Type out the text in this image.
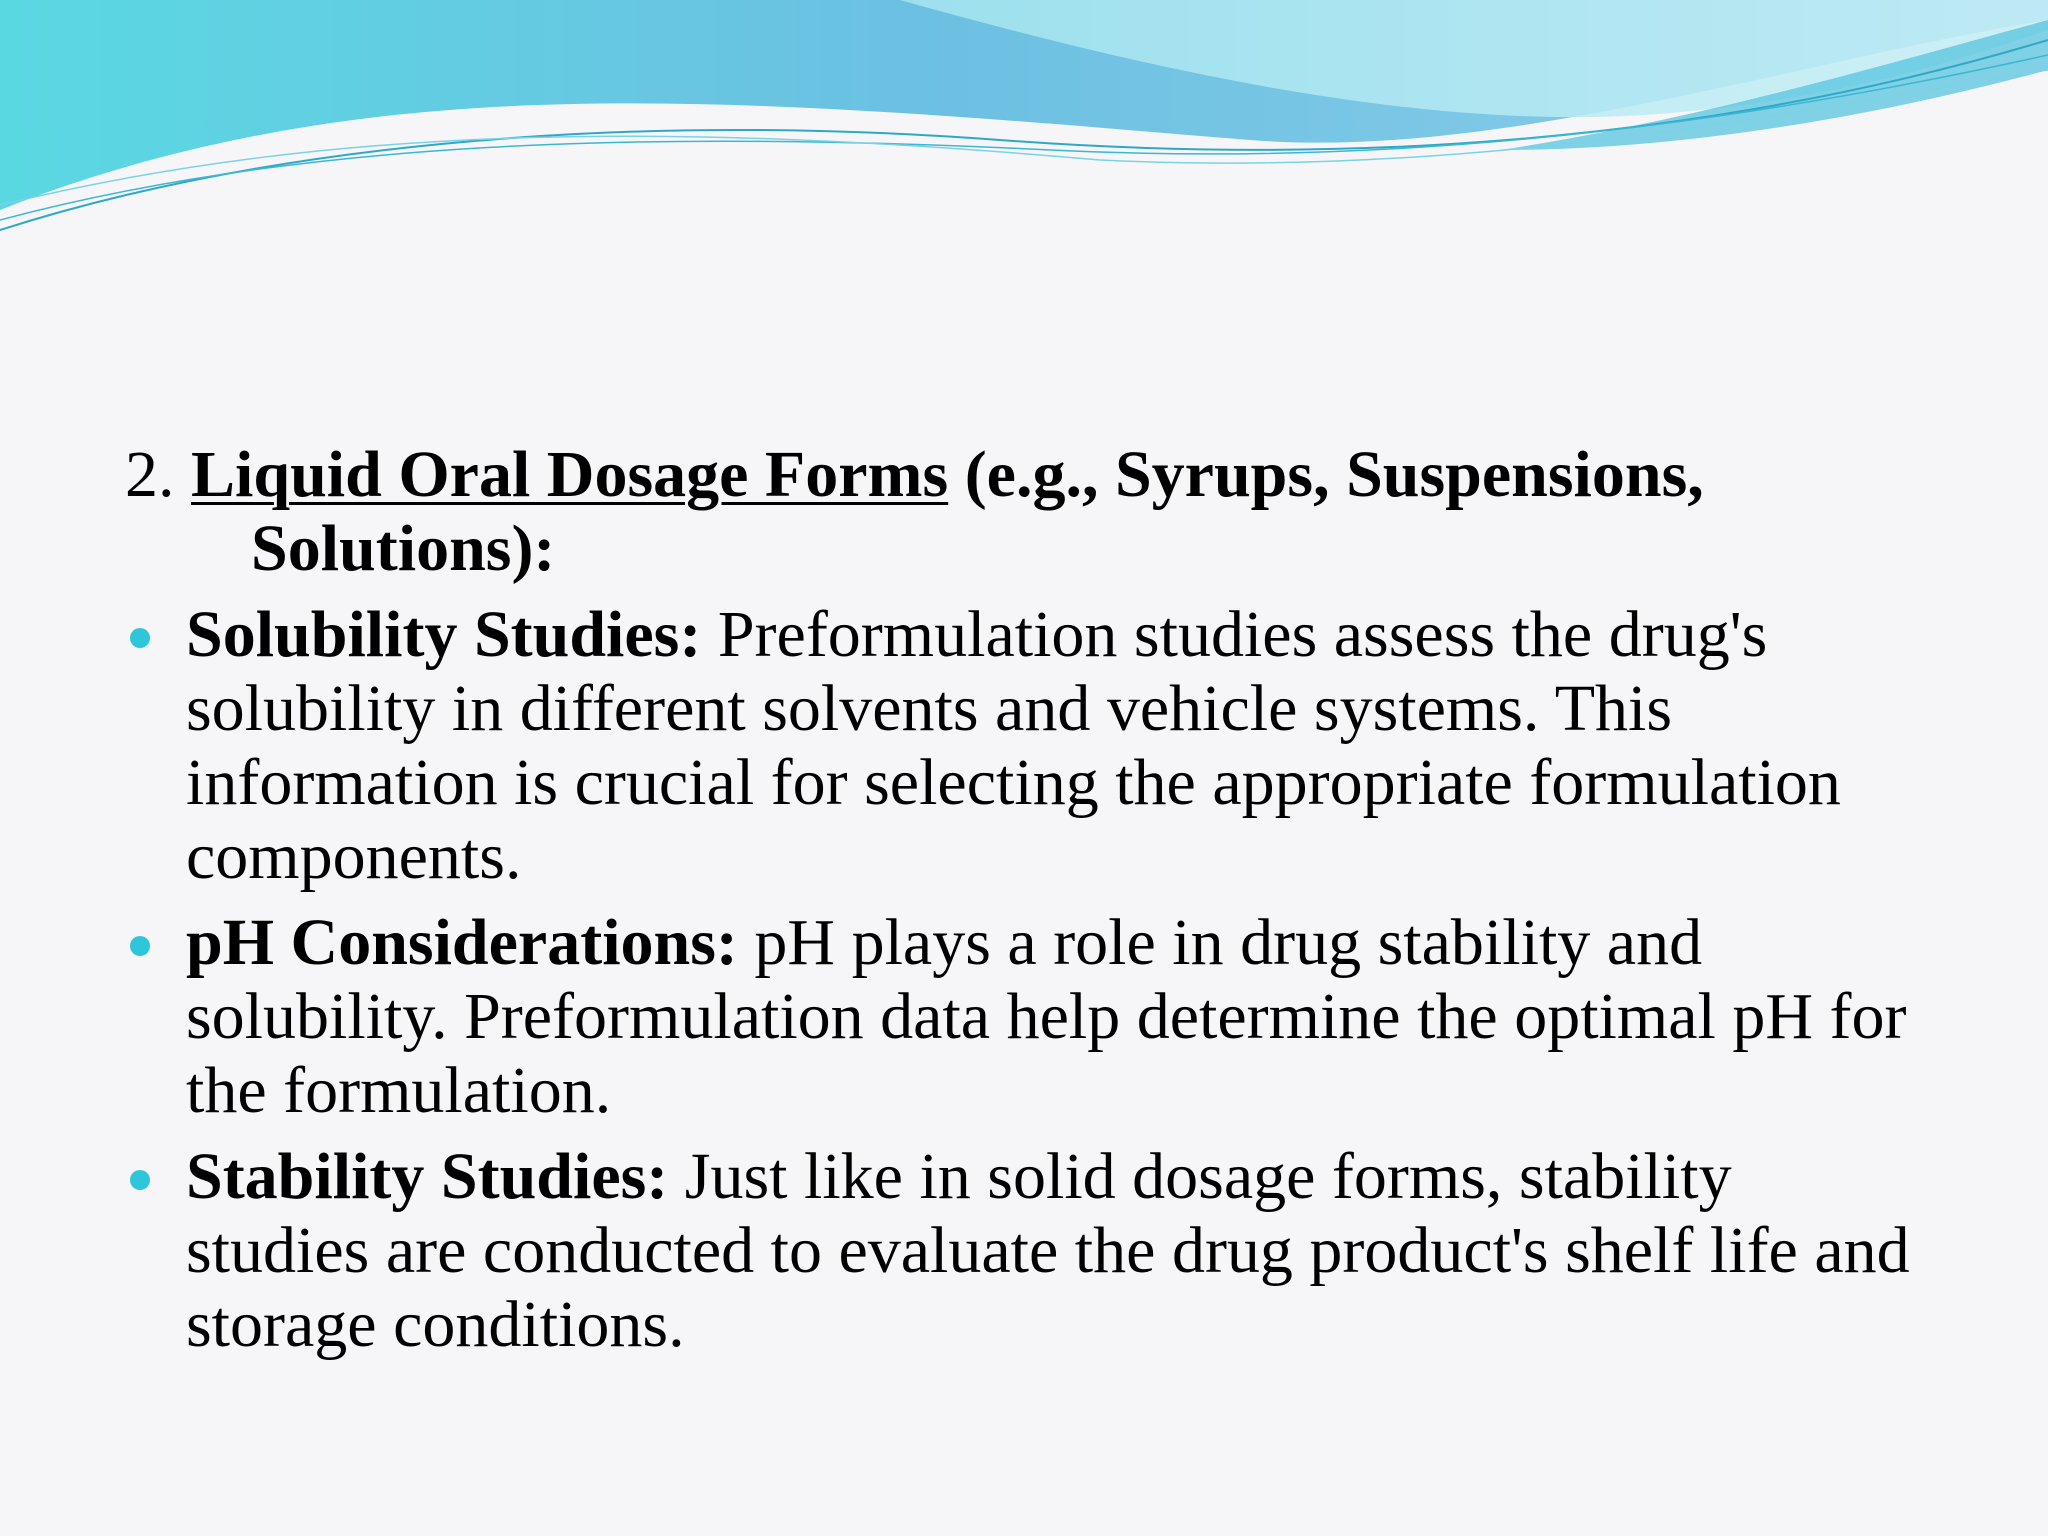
2. Liquid Oral Dosage Forms (e.g., Syrups, Suspensions, Solutions):

Solubility Studies: Preformulation studies assess the drug's solubility in different solvents and vehicle systems. This information is crucial for selecting the appropriate formulation components.
pH Considerations: pH plays a role in drug stability and solubility. Preformulation data help determine the optimal pH for the formulation.
Stability Studies: Just like in solid dosage forms, stability studies are conducted to evaluate the drug product's shelf life and storage conditions.
